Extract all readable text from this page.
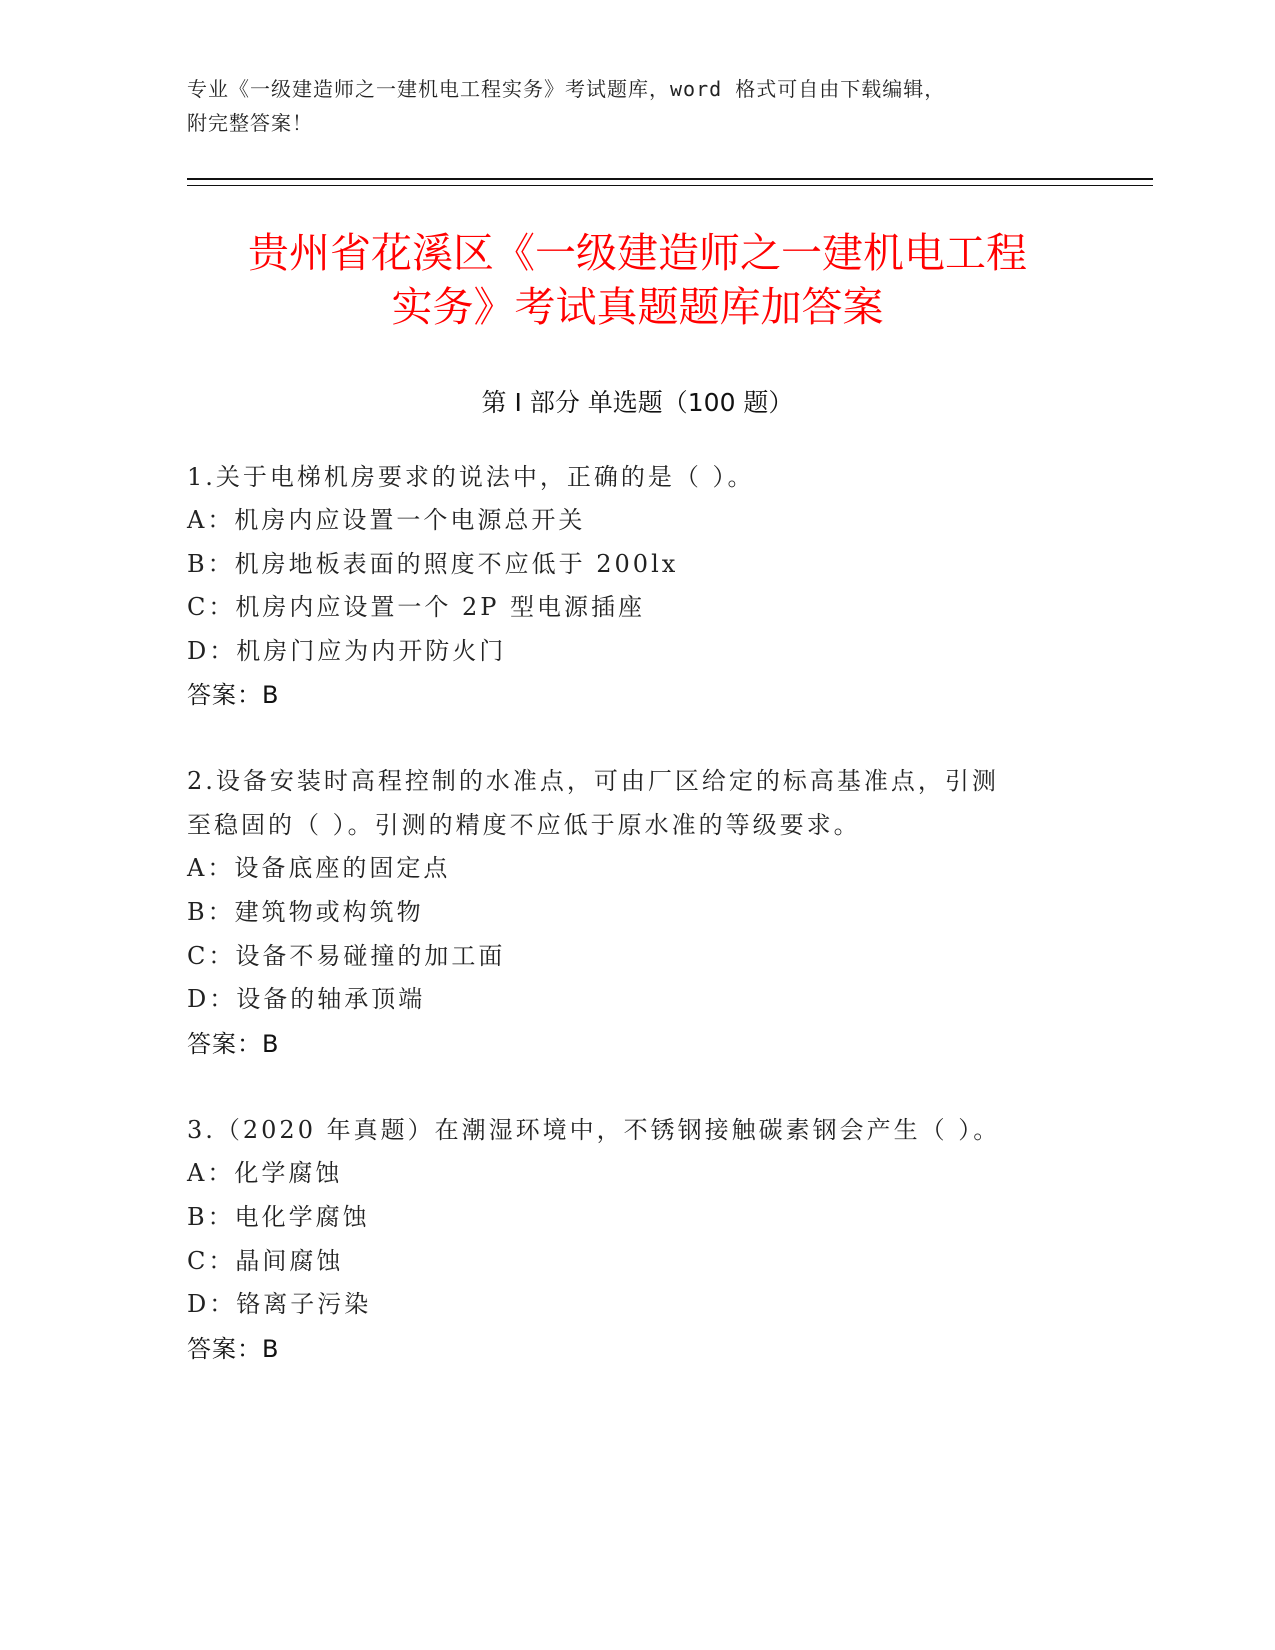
专业《一级建造师之一建机电工程实务》考试题库，word 格式可自由下载编辑，
附完整答案！
贵州省花溪区《一级建造师之一建机电工程
实务》考试真题题库加答案
第 I 部分 单选题（100 题）
1.关于电梯机房要求的说法中，正确的是（ ）。
A：机房内应设置一个电源总开关
B：机房地板表面的照度不应低于 200lx
C：机房内应设置一个 2P 型电源插座
D：机房门应为内开防火门
答案：B
2.设备安装时高程控制的水准点，可由厂区给定的标高基准点，引测
至稳固的（ ）。引测的精度不应低于原水准的等级要求。
A：设备底座的固定点
B：建筑物或构筑物
C：设备不易碰撞的加工面
D：设备的轴承顶端
答案：B
3.（2020 年真题）在潮湿环境中，不锈钢接触碳素钢会产生（ ）。
A：化学腐蚀
B：电化学腐蚀
C：晶间腐蚀
D：铬离子污染
答案：B
